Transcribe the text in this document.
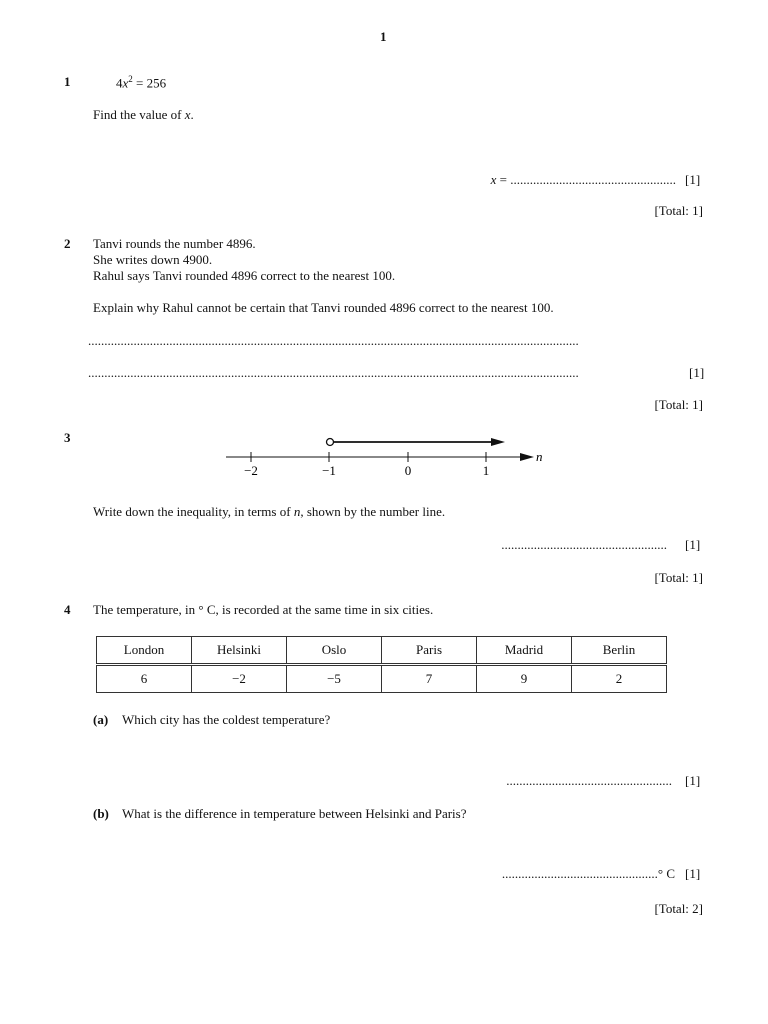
1
1	$4x^2 = 256$
Find the value of x.
x = ................................................... [1]
[Total: 1]
2 Tanvi rounds the number 4896.
She writes down 4900.
Rahul says Tanvi rounded 4896 correct to the nearest 100.
Explain why Rahul cannot be certain that Tanvi rounded 4896 correct to the nearest 100.
.......................................................................................................................................................
.......................................................................................................................................................	[1]
[Total: 1]
3
−2	−1	0	1
n
Write down the inequality, in terms of n, shown by the number line.
................................................... [1]
[Total: 1]
4 The temperature, in ° C, is recorded at the same time in six cities.
London	Helsinki	Oslo	Paris	Madrid	Berlin
6	−2	−5	7	9	2
(a) Which city has the coldest temperature?
................................................... [1]
(b) What is the difference in temperature between Helsinki and Paris?
................................................° C [1]
[Total: 2]
